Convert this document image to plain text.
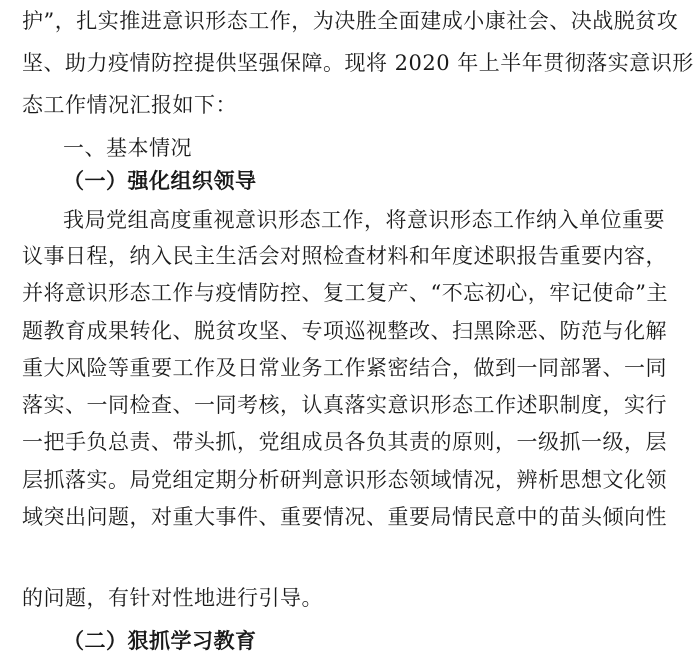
护”，扎实推进意识形态工作，为决胜全面建成小康社会、决战脱贫攻
坚、助力疫情防控提供坚强保障。现将 2020 年上半年贯彻落实意识形
态工作情况汇报如下：
一、基本情况
（一）强化组织领导
我局党组高度重视意识形态工作，将意识形态工作纳入单位重要
议事日程，纳入民主生活会对照检查材料和年度述职报告重要内容，
并将意识形态工作与疫情防控、复工复产、“不忘初心，牢记使命”主
题教育成果转化、脱贫攻坚、专项巡视整改、扫黑除恶、防范与化解
重大风险等重要工作及日常业务工作紧密结合，做到一同部署、一同
落实、一同检查、一同考核，认真落实意识形态工作述职制度，实行
一把手负总责、带头抓，党组成员各负其责的原则，一级抓一级，层
层抓落实。局党组定期分析研判意识形态领域情况，辨析思想文化领
域突出问题，对重大事件、重要情况、重要局情民意中的苗头倾向性
的问题，有针对性地进行引导。
（二）狠抓学习教育
